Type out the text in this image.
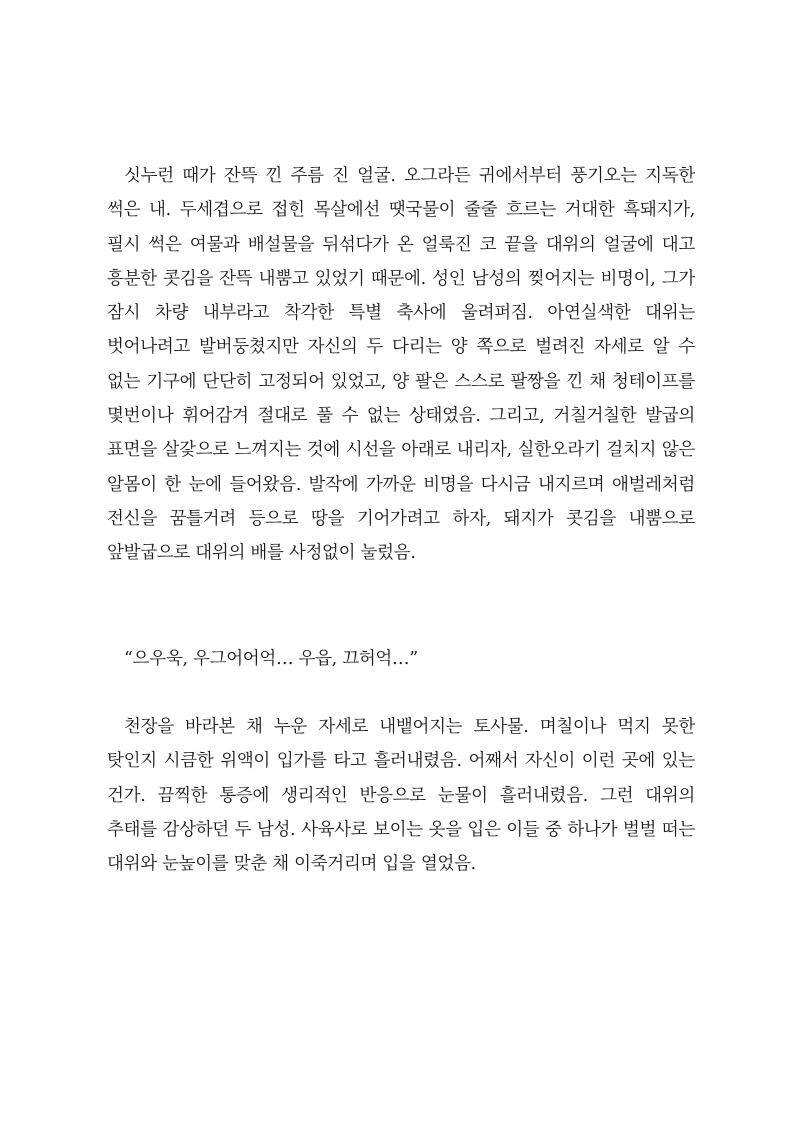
싯누런 때가 잔뜩 낀 주름 진 얼굴. 오그라든 귀에서부터 풍기오는 지독한 썩은 내. 두세겹으로 접힌 목살에선 땟국물이 줄줄 흐르는 거대한 흑돼지가, 필시 썩은 여물과 배설물을 뒤섞다가 온 얼룩진 코 끝을 대위의 얼굴에 대고 흥분한 콧김을 잔뜩 내뿜고 있었기 때문에. 성인 남성의 찢어지는 비명이, 그가 잠시 차량 내부라고 착각한 특별 축사에 울려퍼짐. 아연실색한 대위는 벗어나려고 발버둥쳤지만 자신의 두 다리는 양 쪽으로 벌려진 자세로 알 수 없는 기구에 단단히 고정되어 있었고, 양 팔은 스스로 팔짱을 낀 채 청테이프를 몇번이나 휘어감겨 절대로 풀 수 없는 상태였음. 그리고, 거칠거칠한 발굽의 표면을 살갗으로 느껴지는 것에 시선을 아래로 내리자, 실한오라기 걸치지 않은 알몸이 한 눈에 들어왔음. 발작에 가까운 비명을 다시금 내지르며 애벌레처럼 전신을 꿈틀거려 등으로 땅을 기어가려고 하자, 돼지가 콧김을 내뿜으로 앞발굽으로 대위의 배를 사정없이 눌렀음.

“으우욱, 우그어어억… 우읍, 끄허억…”

천장을 바라본 채 누운 자세로 내뱉어지는 토사물. 며칠이나 먹지 못한 탓인지 시큼한 위액이 입가를 타고 흘러내렸음. 어째서 자신이 이런 곳에 있는 건가. 끔찍한 통증에 생리적인 반응으로 눈물이 흘러내렸음. 그런 대위의 추태를 감상하던 두 남성. 사육사로 보이는 옷을 입은 이들 중 하나가 벌벌 떠는 대위와 눈높이를 맞춘 채 이죽거리며 입을 열었음.
